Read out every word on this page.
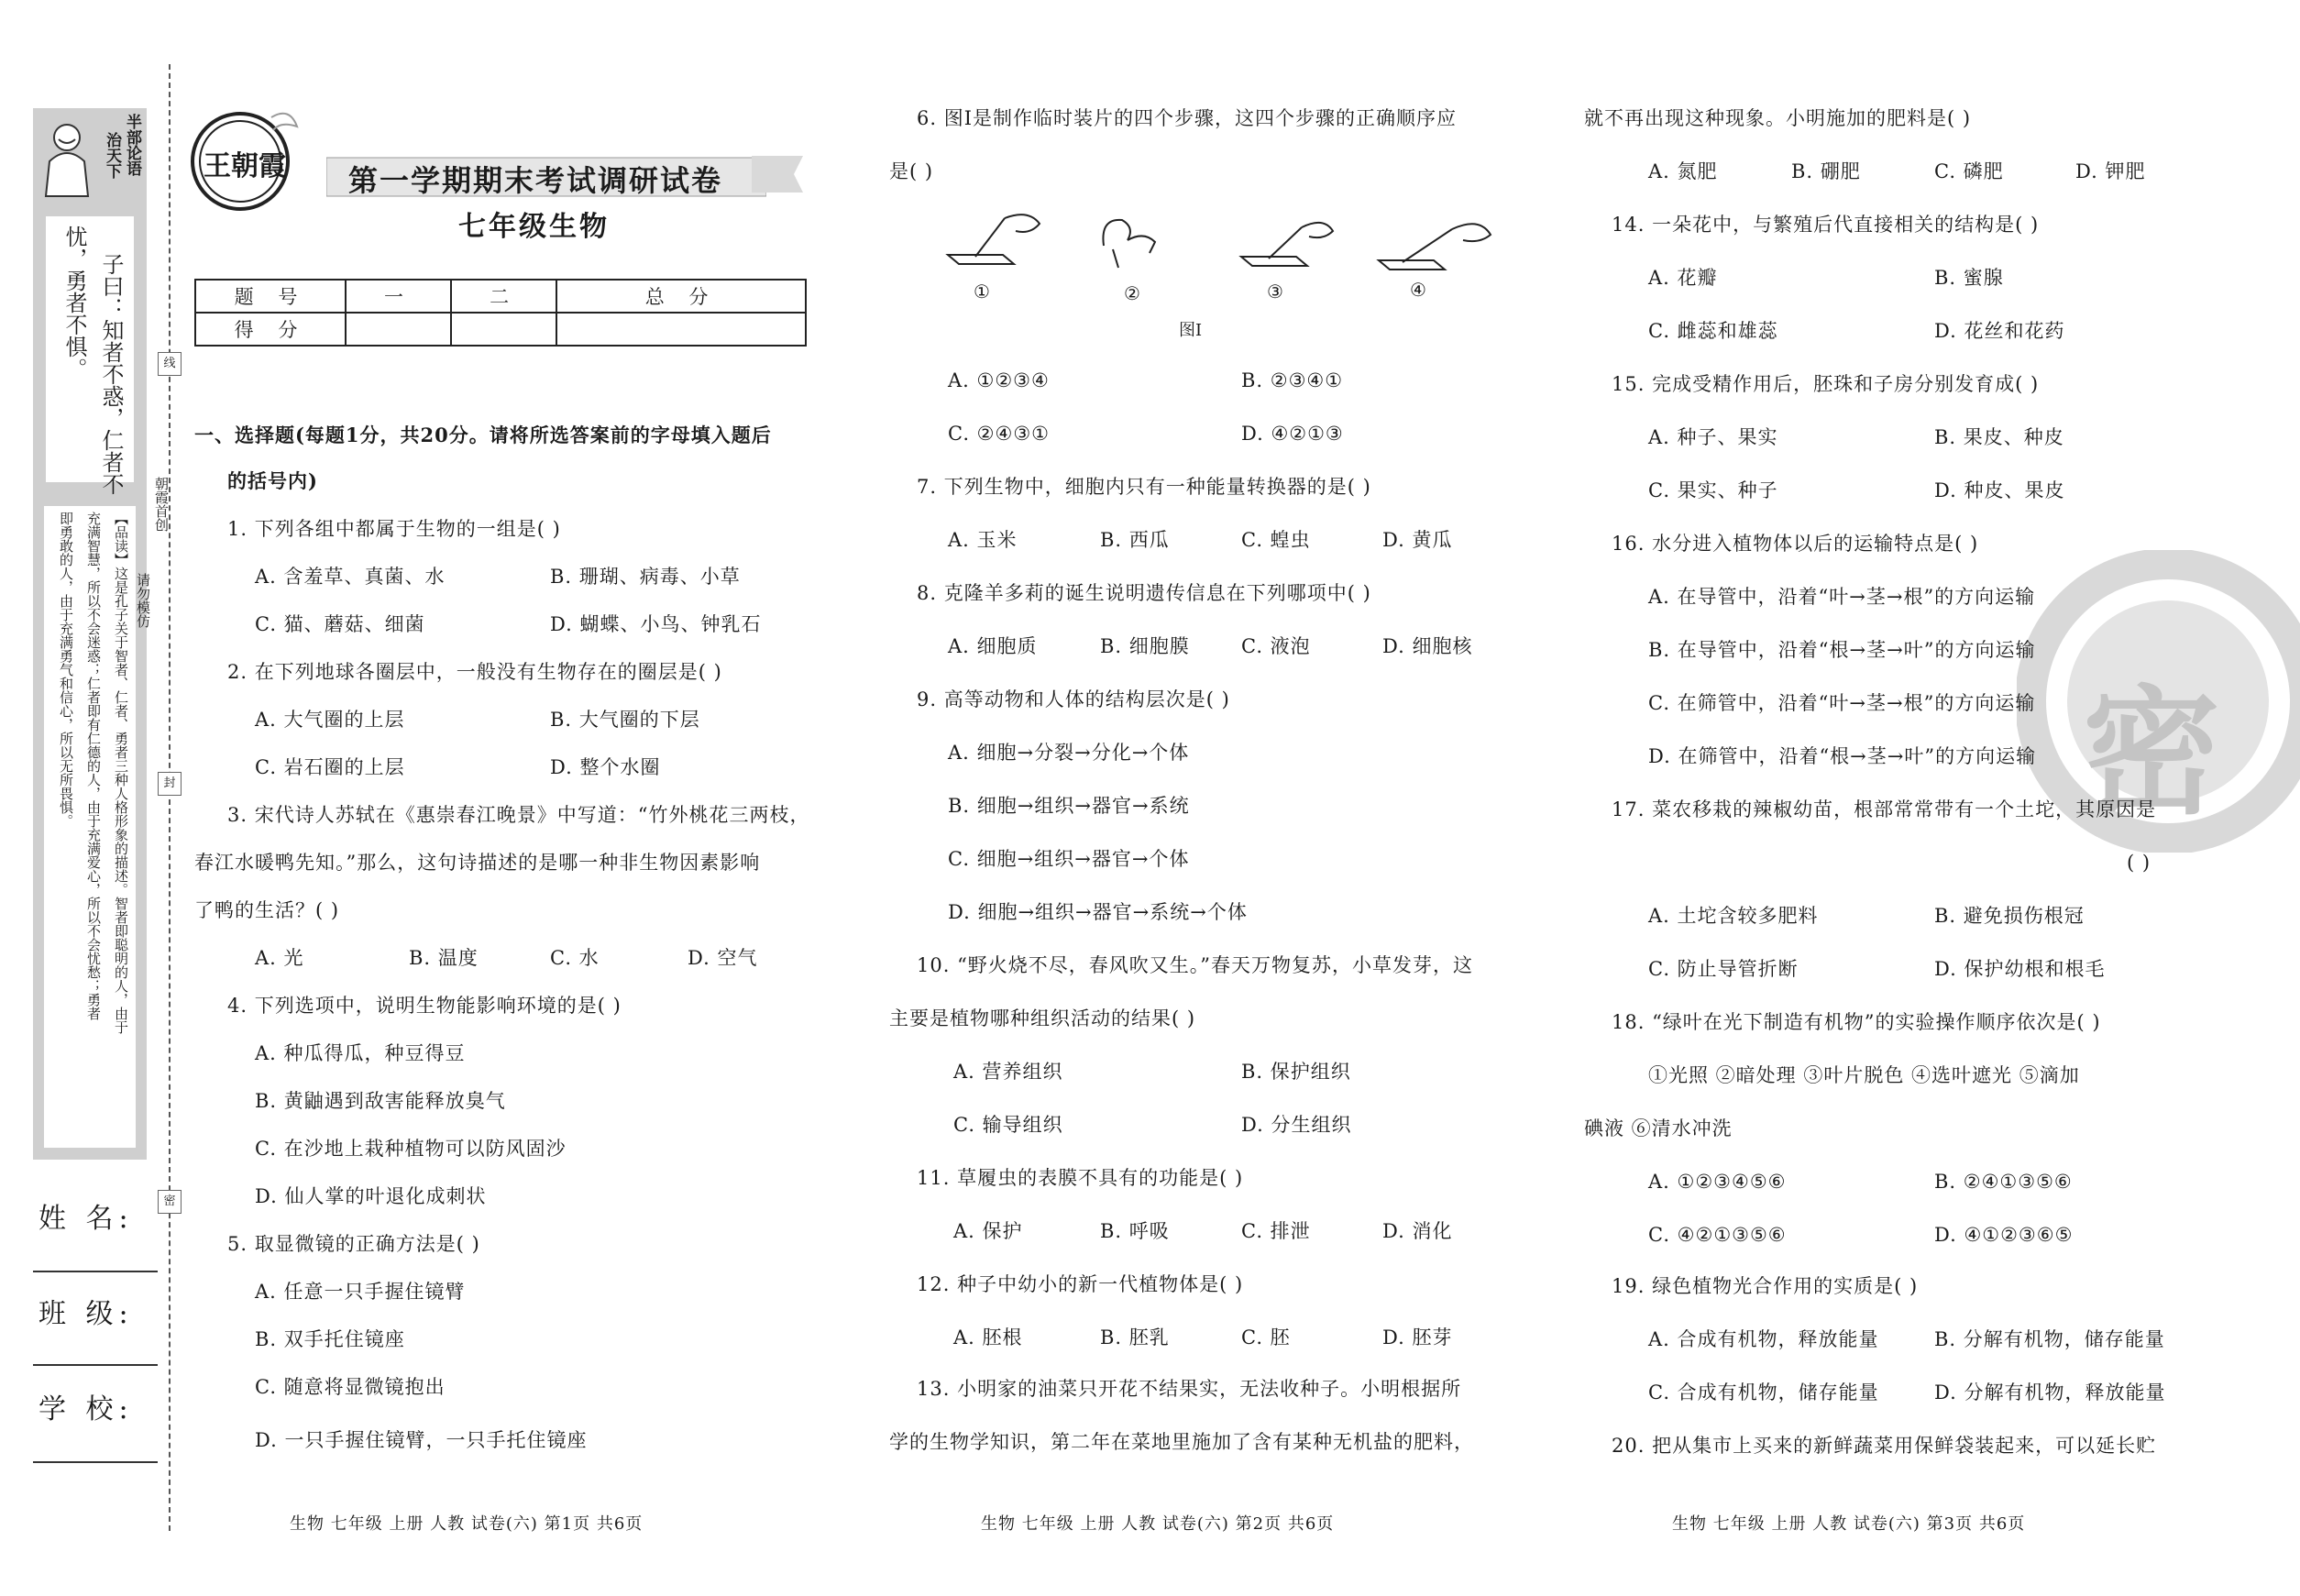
半部论语
治天下
子曰：知者不惑，仁者不
忧，勇者不惧。
【品读】这是孔子关于智者、仁者、勇者三种人格形象的描述。智者即聪明的人，由于
充满智慧，所以不会迷惑；仁者即有仁德的人，由于充满爱心，所以不会忧愁；勇者
即勇敢的人，由于充满勇气和信心，所以无所畏惧。
朝霞首创
请勿模仿
姓 名:
班 级:
学 校:
线
封
密
王朝霞 第一学期期末考试调研试卷
七年级生物
题 号	一	二	总 分
得 分			
一、选择题(每题1分，共20分。请将所选答案前的字母填入题后
的括号内)
1. 下列各组中都属于生物的一组是( )
A. 含羞草、真菌、水	B. 珊瑚、病毒、小草
C. 猫、蘑菇、细菌	D. 蝴蝶、小鸟、钟乳石
2. 在下列地球各圈层中，一般没有生物存在的圈层是( )
A. 大气圈的上层	B. 大气圈的下层
C. 岩石圈的上层	D. 整个水圈
3. 宋代诗人苏轼在《惠崇春江晚景》中写道：“竹外桃花三两枝，
春江水暖鸭先知。”那么，这句诗描述的是哪一种非生物因素影响
了鸭的生活？( )
A. 光	B. 温度	C. 水	D. 空气
4. 下列选项中，说明生物能影响环境的是( )
A. 种瓜得瓜，种豆得豆
B. 黄鼬遇到敌害能释放臭气
C. 在沙地上栽种植物可以防风固沙
D. 仙人掌的叶退化成刺状
5. 取显微镜的正确方法是( )
A. 任意一只手握住镜臂
B. 双手托住镜座
C. 随意将显微镜抱出
D. 一只手握住镜臂，一只手托住镜座
生物 七年级 上册 人教 试卷(六) 第1页 共6页
6. 图Ⅰ是制作临时装片的四个步骤，这四个步骤的正确顺序应
是( )
①	②	③	④
图Ⅰ
A. ①②③④	B. ②③④①
C. ②④③①	D. ④②①③
7. 下列生物中，细胞内只有一种能量转换器的是( )
A. 玉米	B. 西瓜	C. 蝗虫	D. 黄瓜
8. 克隆羊多莉的诞生说明遗传信息在下列哪项中( )
A. 细胞质	B. 细胞膜	C. 液泡	D. 细胞核
9. 高等动物和人体的结构层次是( )
A. 细胞→分裂→分化→个体
B. 细胞→组织→器官→系统
C. 细胞→组织→器官→个体
D. 细胞→组织→器官→系统→个体
10. “野火烧不尽，春风吹又生。”春天万物复苏，小草发芽，这
主要是植物哪种组织活动的结果( )
A. 营养组织	B. 保护组织
C. 输导组织	D. 分生组织
11. 草履虫的表膜不具有的功能是( )
A. 保护	B. 呼吸	C. 排泄	D. 消化
12. 种子中幼小的新一代植物体是( )
A. 胚根	B. 胚乳	C. 胚	D. 胚芽
13. 小明家的油菜只开花不结果实，无法收种子。小明根据所
学的生物学知识，第二年在菜地里施加了含有某种无机盐的肥料，
生物 七年级 上册 人教 试卷(六) 第2页 共6页
就不再出现这种现象。小明施加的肥料是( )
A. 氮肥	B. 硼肥	C. 磷肥	D. 钾肥
14. 一朵花中，与繁殖后代直接相关的结构是( )
A. 花瓣	B. 蜜腺
C. 雌蕊和雄蕊	D. 花丝和花药
15. 完成受精作用后，胚珠和子房分别发育成( )
A. 种子、果实	B. 果皮、种皮
C. 果实、种子	D. 种皮、果皮
密
16. 水分进入植物体以后的运输特点是( )
A. 在导管中，沿着“叶→茎→根”的方向运输
B. 在导管中，沿着“根→茎→叶”的方向运输
C. 在筛管中，沿着“叶→茎→根”的方向运输
D. 在筛管中，沿着“根→茎→叶”的方向运输
17. 菜农移栽的辣椒幼苗，根部常常带有一个土坨，其原因是
( )
A. 土坨含较多肥料	B. 避免损伤根冠
C. 防止导管折断	D. 保护幼根和根毛
18. “绿叶在光下制造有机物”的实验操作顺序依次是( )
①光照 ②暗处理 ③叶片脱色 ④选叶遮光 ⑤滴加
碘液 ⑥清水冲洗
A. ①②③④⑤⑥	B. ②④①③⑤⑥
C. ④②①③⑤⑥	D. ④①②③⑥⑤
19. 绿色植物光合作用的实质是( )
A. 合成有机物，释放能量	B. 分解有机物，储存能量
C. 合成有机物，储存能量	D. 分解有机物，释放能量
20. 把从集市上买来的新鲜蔬菜用保鲜袋装起来，可以延长贮
生物 七年级 上册 人教 试卷(六) 第3页 共6页
